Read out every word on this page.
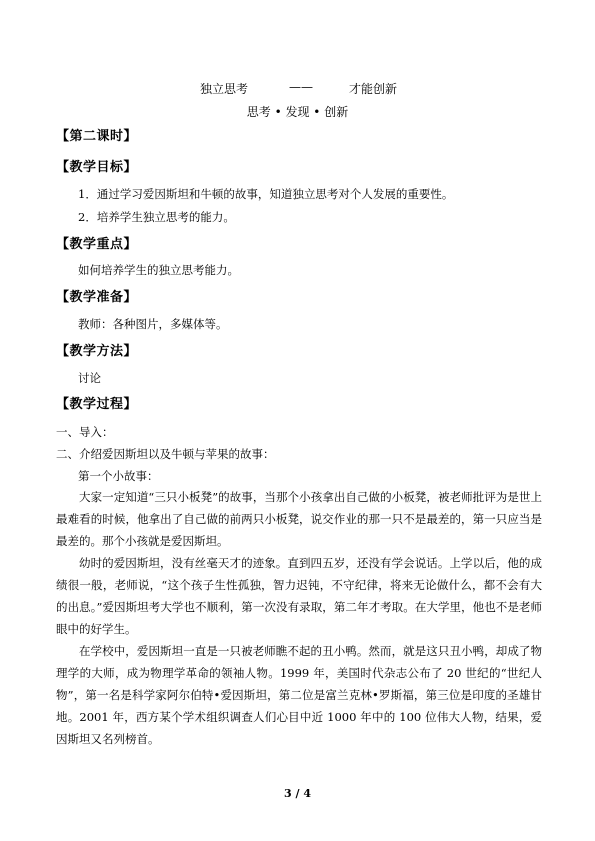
独立思考	——	才能创新
思考 • 发现 • 创新
【第二课时】
【教学目标】
1．通过学习爱因斯坦和牛顿的故事，知道独立思考对个人发展的重要性。
2．培养学生独立思考的能力。
【教学重点】
如何培养学生的独立思考能力。
【教学准备】
教师：各种图片，多媒体等。
【教学方法】
讨论
【教学过程】
一、导入：
二、介绍爱因斯坦以及牛顿与苹果的故事：
第一个小故事：

大家一定知道“三只小板凳”的故事，当那个小孩拿出自己做的小板凳，被老师批评为是世上最难看的时候，他拿出了自己做的前两只小板凳，说交作业的那一只不是最差的，第一只应当是最差的。那个小孩就是爱因斯坦。

幼时的爱因斯坦，没有丝毫天才的迹象。直到四五岁，还没有学会说话。上学以后，他的成绩很一般，老师说，“这个孩子生性孤独，智力迟钝，不守纪律，将来无论做什么，都不会有大的出息。”爱因斯坦考大学也不顺利，第一次没有录取，第二年才考取。在大学里，他也不是老师眼中的好学生。

在学校中，爱因斯坦一直是一只被老师瞧不起的丑小鸭。然而，就是这只丑小鸭，却成了物理学的大师，成为物理学革命的领袖人物。1999 年，美国时代杂志公布了 20 世纪的“世纪人物”，第一名是科学家阿尔伯特•爱因斯坦，第二位是富兰克林•罗斯福，第三位是印度的圣雄甘地。2001 年，西方某个学术组织调查人们心目中近 1000 年中的 100 位伟大人物，结果，爱因斯坦又名列榜首。

3 / 4
